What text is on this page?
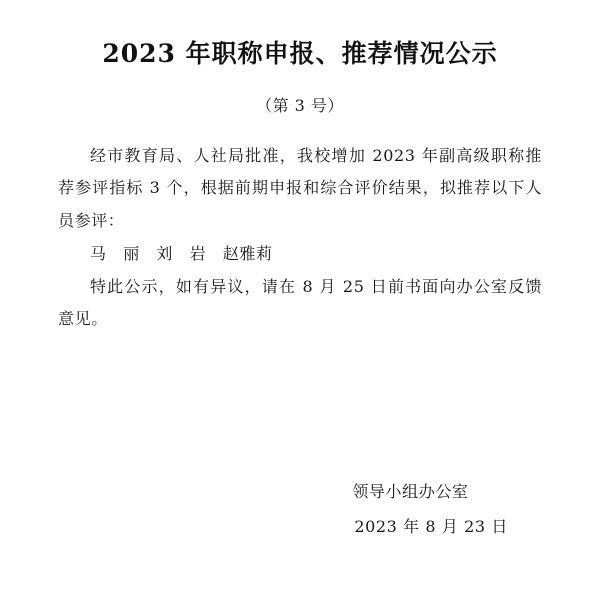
2023 年职称申报、推荐情况公示
（第 3 号）

经市教育局、人社局批准，我校增加 2023 年副高级职称推荐参评指标 3 个，根据前期申报和综合评价结果，拟推荐以下人员参评：

马　丽　刘　岩　赵雅莉

特此公示，如有异议，请在 8 月 25 日前书面向办公室反馈意见。

领导小组办公室
2023 年 8 月 23 日
